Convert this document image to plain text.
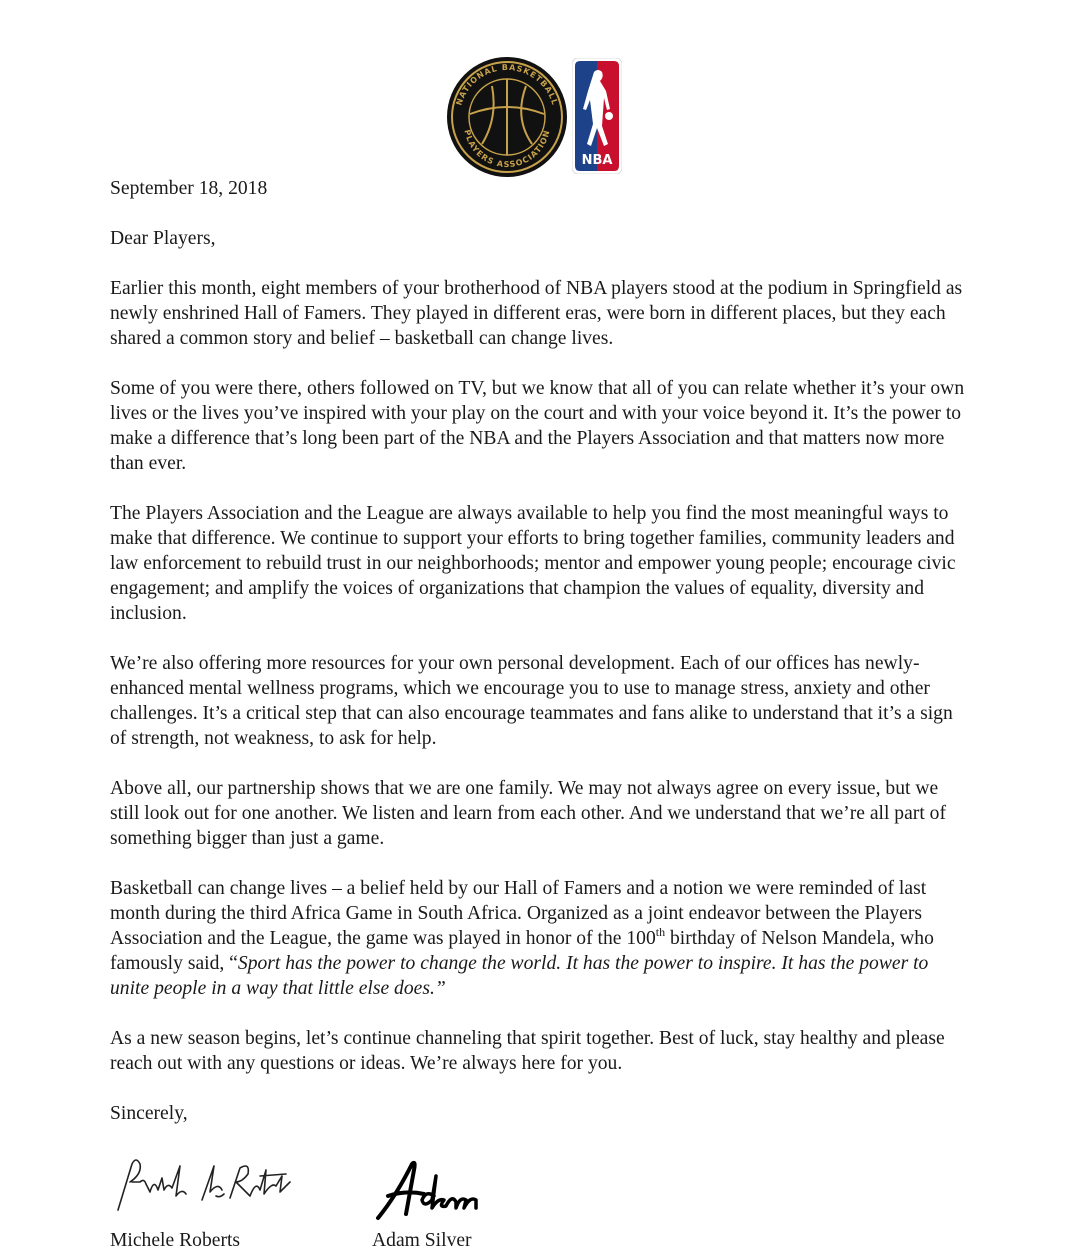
NATIONAL BASKETBALL
PLAYERS ASSOCIATION
NBA

September 18, 2018

Dear Players,

Earlier this month, eight members of your brotherhood of NBA players stood at the podium in Springfield as newly enshrined Hall of Famers. They played in different eras, were born in different places, but they each shared a common story and belief – basketball can change lives.

Some of you were there, others followed on TV, but we know that all of you can relate whether it’s your own lives or the lives you’ve inspired with your play on the court and with your voice beyond it. It’s the power to make a difference that’s long been part of the NBA and the Players Association and that matters now more than ever.

The Players Association and the League are always available to help you find the most meaningful ways to make that difference. We continue to support your efforts to bring together families, community leaders and law enforcement to rebuild trust in our neighborhoods; mentor and empower young people; encourage civic engagement; and amplify the voices of organizations that champion the values of equality, diversity and inclusion.

We’re also offering more resources for your own personal development. Each of our offices has newly-enhanced mental wellness programs, which we encourage you to use to manage stress, anxiety and other challenges. It’s a critical step that can also encourage teammates and fans alike to understand that it’s a sign of strength, not weakness, to ask for help.

Above all, our partnership shows that we are one family. We may not always agree on every issue, but we still look out for one another. We listen and learn from each other. And we understand that we’re all part of something bigger than just a game.

Basketball can change lives – a belief held by our Hall of Famers and a notion we were reminded of last month during the third Africa Game in South Africa. Organized as a joint endeavor between the Players Association and the League, the game was played in honor of the 100th birthday of Nelson Mandela, who famously said, “Sport has the power to change the world. It has the power to inspire. It has the power to unite people in a way that little else does.”

As a new season begins, let’s continue channeling that spirit together. Best of luck, stay healthy and please reach out with any questions or ideas. We’re always here for you.

Sincerely,

Michele Roberts	Adam Silver
